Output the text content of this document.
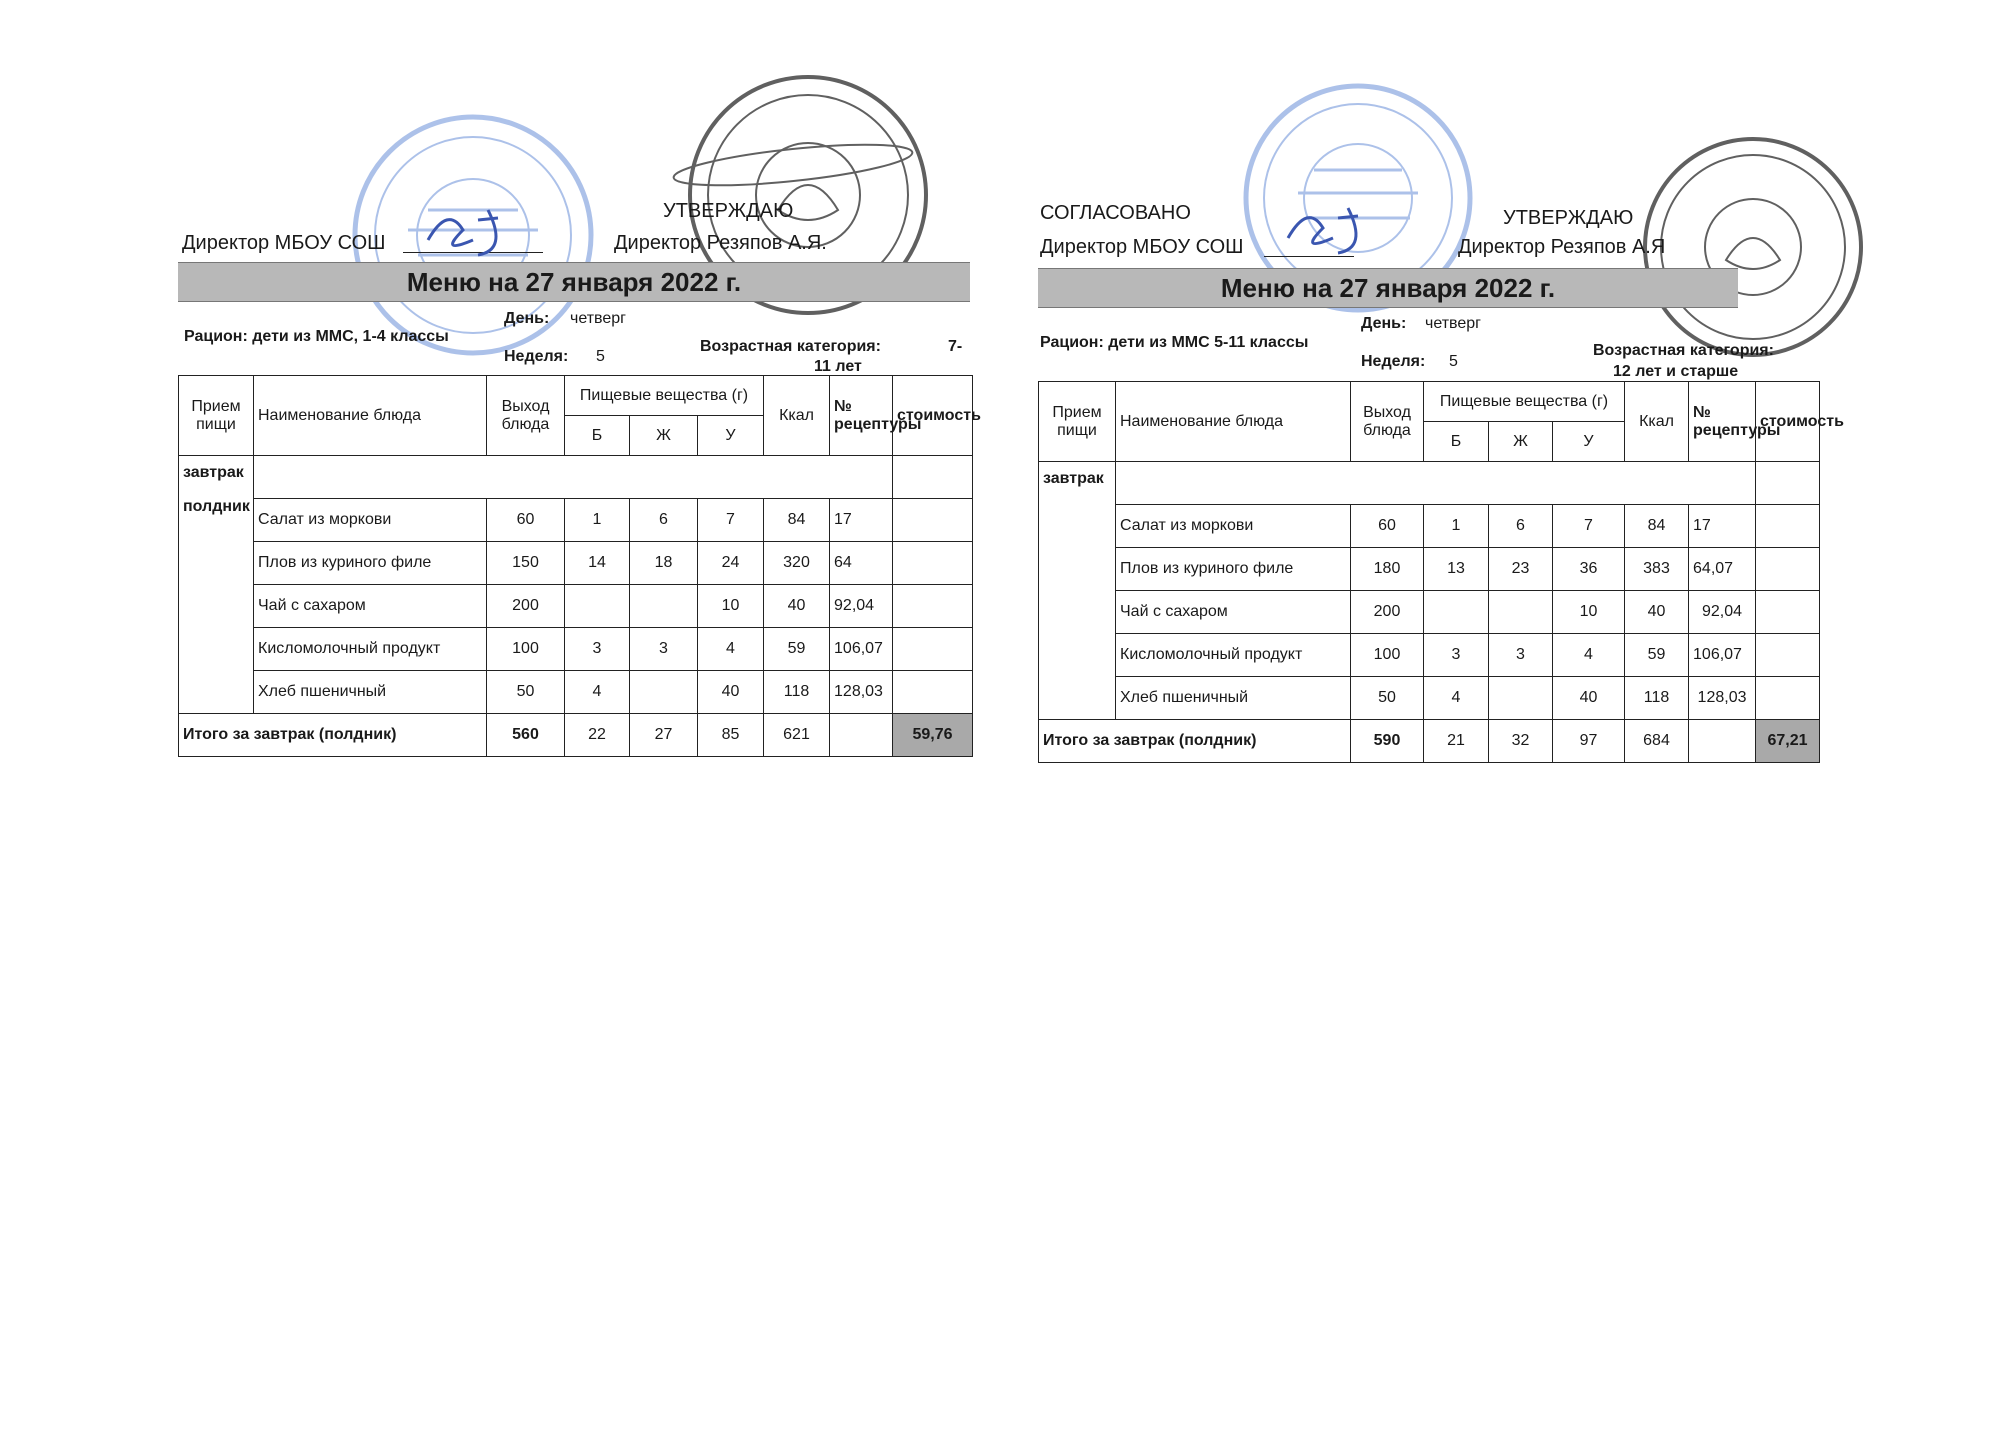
УТВЕРЖДАЮ
Директор МБОУ СОШ	Директор Резяпов А.Я.
Меню на 27 января 2022 г.
Рацион: дети из ММС, 1-4 классы
День: четверг
Неделя: 5
Возрастная категория:	7-
11 лет
Прием пищи	Наименование блюда	Выход блюда	Пищевые вещества (г)			Ккал	№ рецептуры	стоимость
			Б	Ж	У			

завтрак
полдник								

	Салат из моркови	60	1	6	7	84	17	
	Плов из куриного филе	150	14	18	24	320	64	
	Чай с сахаром	200			10	40	92,04	
	Кисломолочный продукт	100	3	3	4	59	106,07	
	Хлеб пшеничный	50	4		40	118	128,03	
Итого за завтрак (полдник)		560	22	27	85	621		59,76
СОГЛАСОВАНО	УТВЕРЖДАЮ
Директор МБОУ СОШ	Директор Резяпов А.Я
Меню на 27 января 2022 г.
Рацион: дети из ММС 5-11 классы
День: четверг
Неделя: 5
Возрастная категория:
12 лет и старше
Прием пищи	Наименование блюда	Выход блюда	Пищевые вещества (г)			Ккал	№ рецептуры	стоимость
			Б	Ж	У			

завтрак								

	Салат из моркови	60	1	6	7	84	17	
	Плов из куриного филе	180	13	23	36	383	64,07	
	Чай с сахаром	200			10	40	92,04	
	Кисломолочный продукт	100	3	3	4	59	106,07	
	Хлеб пшеничный	50	4		40	118	128,03	
Итого за завтрак (полдник)		590	21	32	97	684		67,21
